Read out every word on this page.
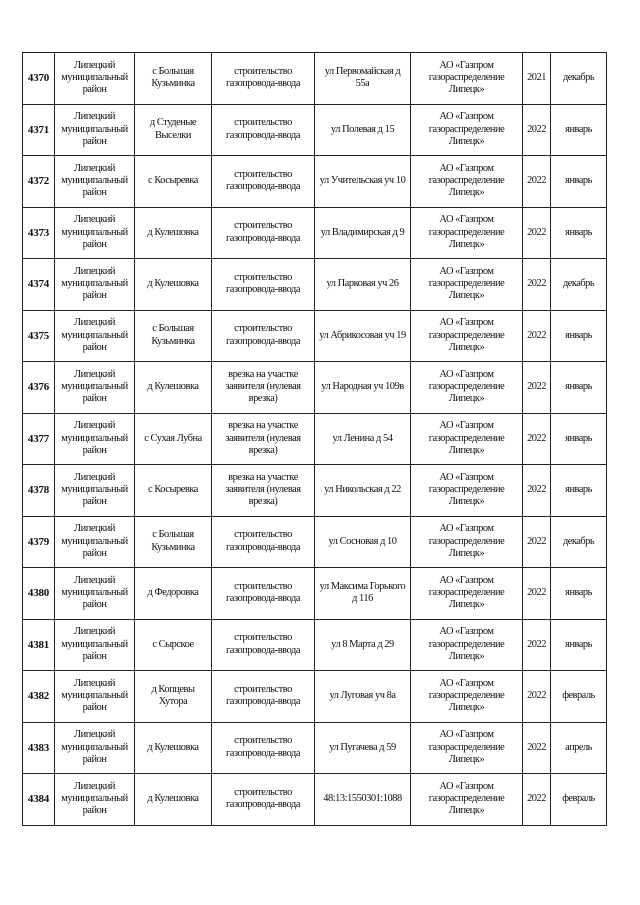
4370	Липецкий муниципальный район	с Большая Кузьминка	строительство газопровода-ввода	ул Первомайская д 55а	АО «Газпром газораспределение Липецк»	2021	декабрь
4371	Липецкий муниципальный район	д Студеные Выселки	строительство газопровода-ввода	ул Полевая д 15	АО «Газпром газораспределение Липецк»	2022	январь
4372	Липецкий муниципальный район	с Косыревка	строительство газопровода-ввода	ул Учительская уч 10	АО «Газпром газораспределение Липецк»	2022	январь
4373	Липецкий муниципальный район	д Кулешовка	строительство газопровода-ввода	ул Владимирская д 9	АО «Газпром газораспределение Липецк»	2022	январь
4374	Липецкий муниципальный район	д Кулешовка	строительство газопровода-ввода	ул Парковая уч 26	АО «Газпром газораспределение Липецк»	2022	декабрь
4375	Липецкий муниципальный район	с Большая Кузьминка	строительство газопровода-ввода	ул Абрикосовая уч 19	АО «Газпром газораспределение Липецк»	2022	январь
4376	Липецкий муниципальный район	д Кулешовка	врезка на участке заявителя (нулевая врезка)	ул Народная уч 109в	АО «Газпром газораспределение Липецк»	2022	январь
4377	Липецкий муниципальный район	с Сухая Лубна	врезка на участке заявителя (нулевая врезка)	ул Ленина д 54	АО «Газпром газораспределение Липецк»	2022	январь
4378	Липецкий муниципальный район	с Косыревка	врезка на участке заявителя (нулевая врезка)	ул Никольская д 22	АО «Газпром газораспределение Липецк»	2022	январь
4379	Липецкий муниципальный район	с Большая Кузьминка	строительство газопровода-ввода	ул Сосновая д 10	АО «Газпром газораспределение Липецк»	2022	декабрь
4380	Липецкий муниципальный район	д Федоровка	строительство газопровода-ввода	ул Максима Горького д 116	АО «Газпром газораспределение Липецк»	2022	январь
4381	Липецкий муниципальный район	с Сырское	строительство газопровода-ввода	ул 8 Марта д 29	АО «Газпром газораспределение Липецк»	2022	январь
4382	Липецкий муниципальный район	д Копцевы Хутора	строительство газопровода-ввода	ул Луговая уч 8а	АО «Газпром газораспределение Липецк»	2022	февраль
4383	Липецкий муниципальный район	д Кулешовка	строительство газопровода-ввода	ул Пугачева д 59	АО «Газпром газораспределение Липецк»	2022	апрель
4384	Липецкий муниципальный район	д Кулешовка	строительство газопровода-ввода	48:13:1550301:1088	АО «Газпром газораспределение Липецк»	2022	февраль
